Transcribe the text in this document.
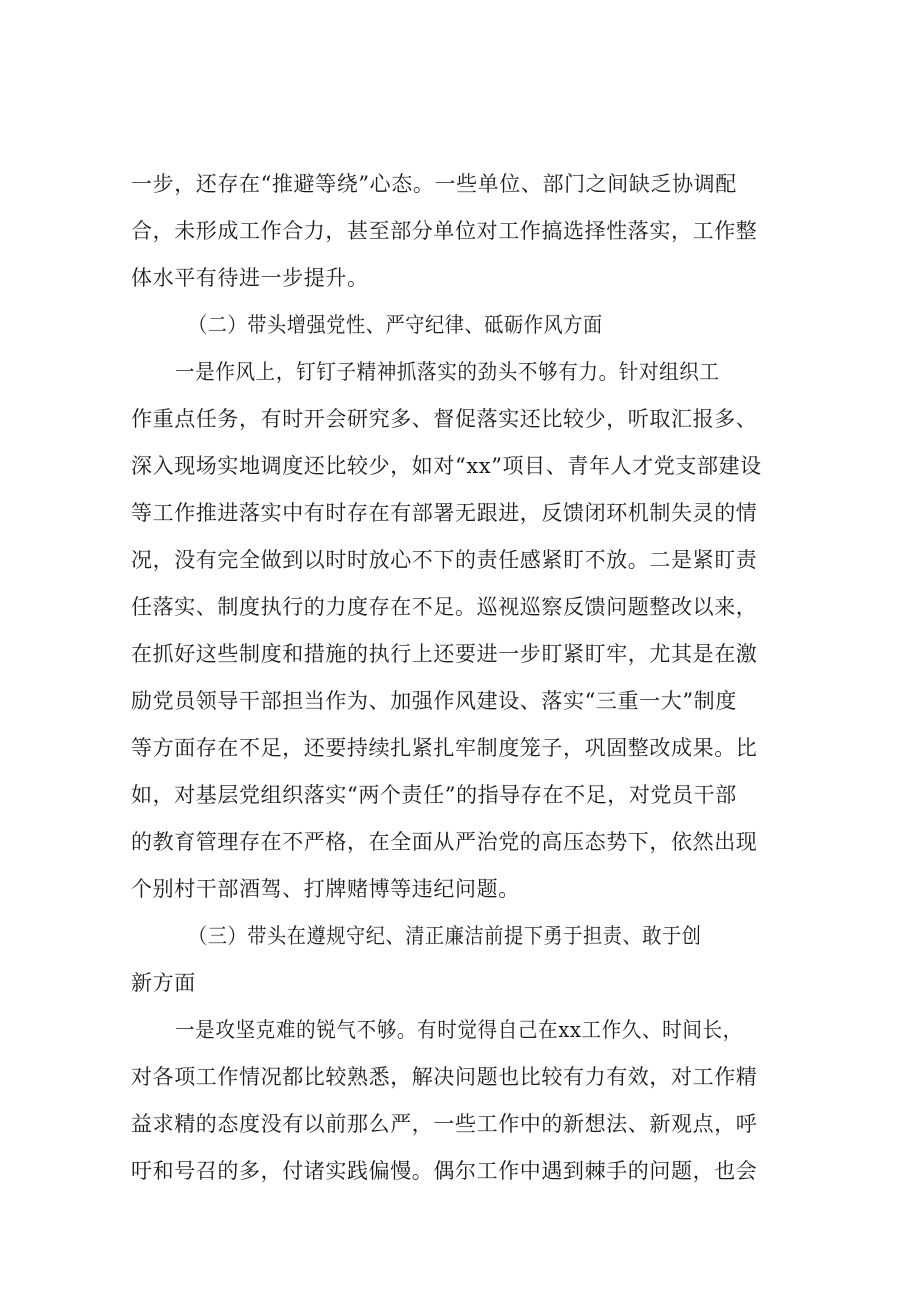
一步，还存在“推避等绕”心态。一些单位、部门之间缺乏协调配

合，未形成工作合力，甚至部分单位对工作搞选择性落实，工作整

体水平有待进一步提升。

（二）带头增强党性、严守纪律、砥砺作风方面

一是作风上，钉钉子精神抓落实的劲头不够有力。针对组织工

作重点任务，有时开会研究多、督促落实还比较少，听取汇报多、

深入现场实地调度还比较少，如对“xx”项目、青年人才党支部建设

等工作推进落实中有时存在有部署无跟进，反馈闭环机制失灵的情

况，没有完全做到以时时放心不下的责任感紧盯不放。二是紧盯责

任落实、制度执行的力度存在不足。巡视巡察反馈问题整改以来，

在抓好这些制度和措施的执行上还要进一步盯紧盯牢，尤其是在激

励党员领导干部担当作为、加强作风建设、落实“三重一大”制度

等方面存在不足，还要持续扎紧扎牢制度笼子，巩固整改成果。比

如，对基层党组织落实“两个责任”的指导存在不足，对党员干部

的教育管理存在不严格，在全面从严治党的高压态势下，依然出现

个别村干部酒驾、打牌赌博等违纪问题。

（三）带头在遵规守纪、清正廉洁前提下勇于担责、敢于创

新方面

一是攻坚克难的锐气不够。有时觉得自己在xx工作久、时间长，

对各项工作情况都比较熟悉，解决问题也比较有力有效，对工作精

益求精的态度没有以前那么严，一些工作中的新想法、新观点，呼

吁和号召的多，付诸实践偏慢。偶尔工作中遇到棘手的问题，也会
